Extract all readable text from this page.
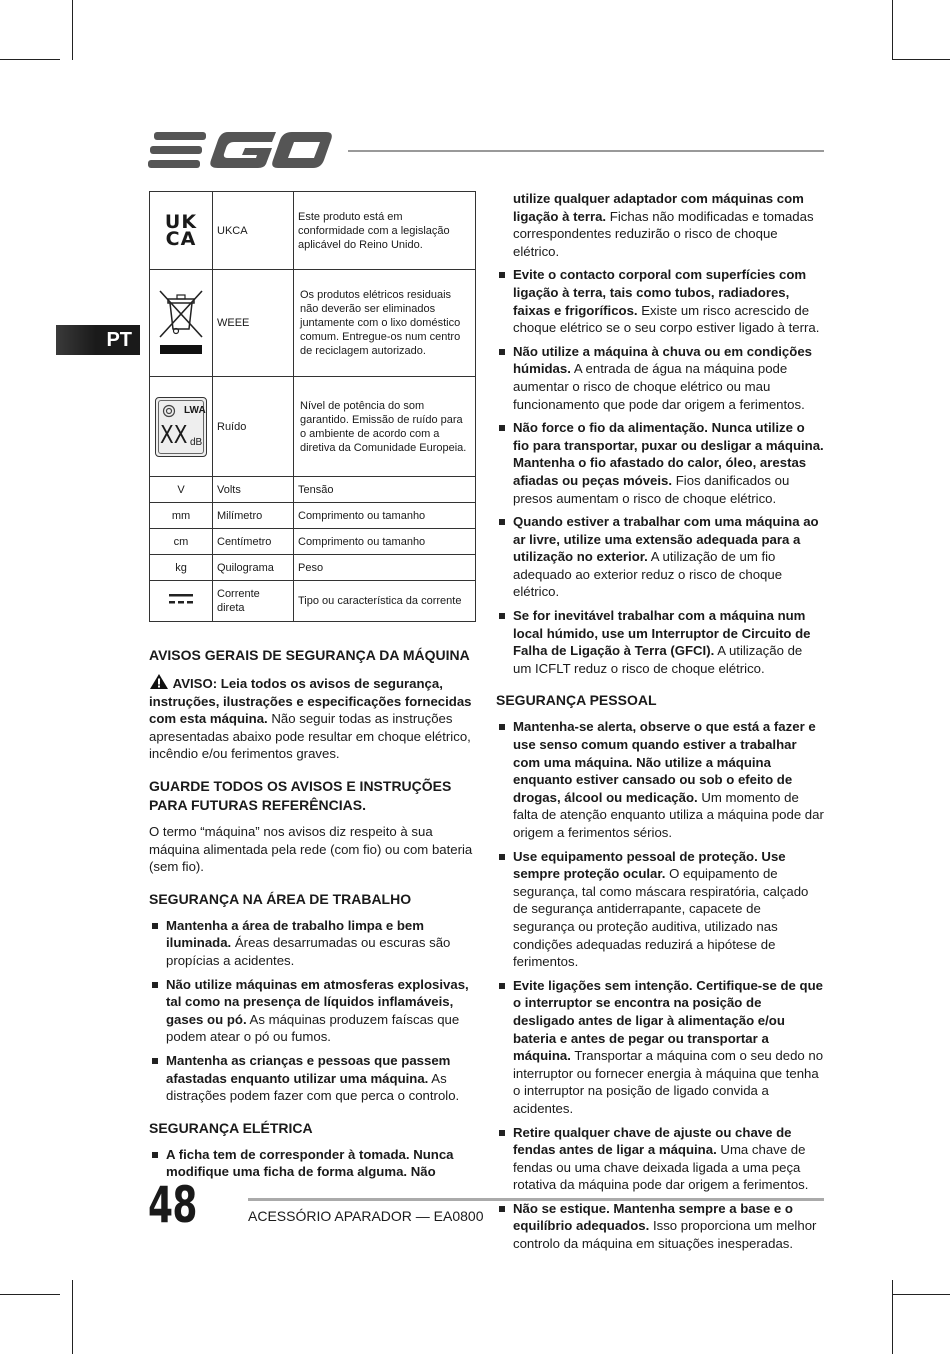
PT
UK
CA	UKCA	Este produto está em conformidade com a legislação aplicável do Reino Unido.
	WEEE	Os produtos elétricos residuais não deverão ser eliminados juntamente com o lixo doméstico comum. Entregue-os num centro de reciclagem autorizado.

LWA
XX dB	Ruído	Nível de potência do som garantido. Emissão de ruído para o ambiente de acordo com a diretiva da Comunidade Europeia.
V	Volts	Tensão
mm	Milímetro	Comprimento ou tamanho
cm	Centímetro	Comprimento ou tamanho
kg	Quilograma	Peso
	Corrente direta	Tipo ou característica da corrente
AVISOS GERAIS DE SEGURANÇA DA MÁQUINA

AVISO: Leia todos os avisos de segurança, instruções, ilustrações e especificações fornecidas com esta máquina. Não seguir todas as instruções apresentadas abaixo pode resultar em choque elétrico, incêndio e/ou ferimentos graves.

GUARDE TODOS OS AVISOS E INSTRUÇÕES PARA FUTURAS REFERÊNCIAS.

O termo “máquina” nos avisos diz respeito à sua máquina alimentada pela rede (com fio) ou com bateria (sem fio).

SEGURANÇA NA ÁREA DE TRABALHO
Mantenha a área de trabalho limpa e bem iluminada. Áreas desarrumadas ou escuras são propícias a acidentes.
Não utilize máquinas em atmosferas explosivas, tal como na presença de líquidos inflamáveis, gases ou pó. As máquinas produzem faíscas que podem atear o pó ou fumos.
Mantenha as crianças e pessoas que passem afastadas enquanto utilizar uma máquina. As distrações podem fazer com que perca o controlo.
SEGURANÇA ELÉTRICA
A ficha tem de corresponder à tomada. Nunca modifique uma ficha de forma alguma. Não
utilize qualquer adaptador com máquinas com ligação à terra. Fichas não modificadas e tomadas correspondentes reduzirão o risco de choque elétrico.
Evite o contacto corporal com superfícies com ligação à terra, tais como tubos, radiadores, faixas e frigoríficos. Existe um risco acrescido de choque elétrico se o seu corpo estiver ligado à terra.
Não utilize a máquina à chuva ou em condições húmidas. A entrada de água na máquina pode aumentar o risco de choque elétrico ou mau funcionamento que pode dar origem a ferimentos.
Não force o fio da alimentação. Nunca utilize o fio para transportar, puxar ou desligar a máquina. Mantenha o fio afastado do calor, óleo, arestas afiadas ou peças móveis. Fios danificados ou presos aumentam o risco de choque elétrico.
Quando estiver a trabalhar com uma máquina ao ar livre, utilize uma extensão adequada para a utilização no exterior. A utilização de um fio adequado ao exterior reduz o risco de choque elétrico.
Se for inevitável trabalhar com a máquina num local húmido, use um Interruptor de Circuito de Falha de Ligação à Terra (GFCI). A utilização de um ICFLT reduz o risco de choque elétrico.
SEGURANÇA PESSOAL
Mantenha-se alerta, observe o que está a fazer e use senso comum quando estiver a trabalhar com uma máquina. Não utilize a máquina enquanto estiver cansado ou sob o efeito de drogas, álcool ou medicação. Um momento de falta de atenção enquanto utiliza a máquina pode dar origem a ferimentos sérios.
Use equipamento pessoal de proteção. Use sempre proteção ocular. O equipamento de segurança, tal como máscara respiratória, calçado de segurança antiderrapante, capacete de segurança ou proteção auditiva, utilizado nas condições adequadas reduzirá a hipótese de ferimentos.
Evite ligações sem intenção. Certifique-se de que o interruptor se encontra na posição de desligado antes de ligar à alimentação e/ou bateria e antes de pegar ou transportar a máquina. Transportar a máquina com o seu dedo no interruptor ou fornecer energia à máquina que tenha o interruptor na posição de ligado convida a acidentes.
Retire qualquer chave de ajuste ou chave de fendas antes de ligar a máquina. Uma chave de fendas ou uma chave deixada ligada a uma peça rotativa da máquina pode dar origem a ferimentos.
Não se estique. Mantenha sempre a base e o equilíbrio adequados. Isso proporciona um melhor controlo da máquina em situações inesperadas.
48	ACESSÓRIO APARADOR — EA0800
